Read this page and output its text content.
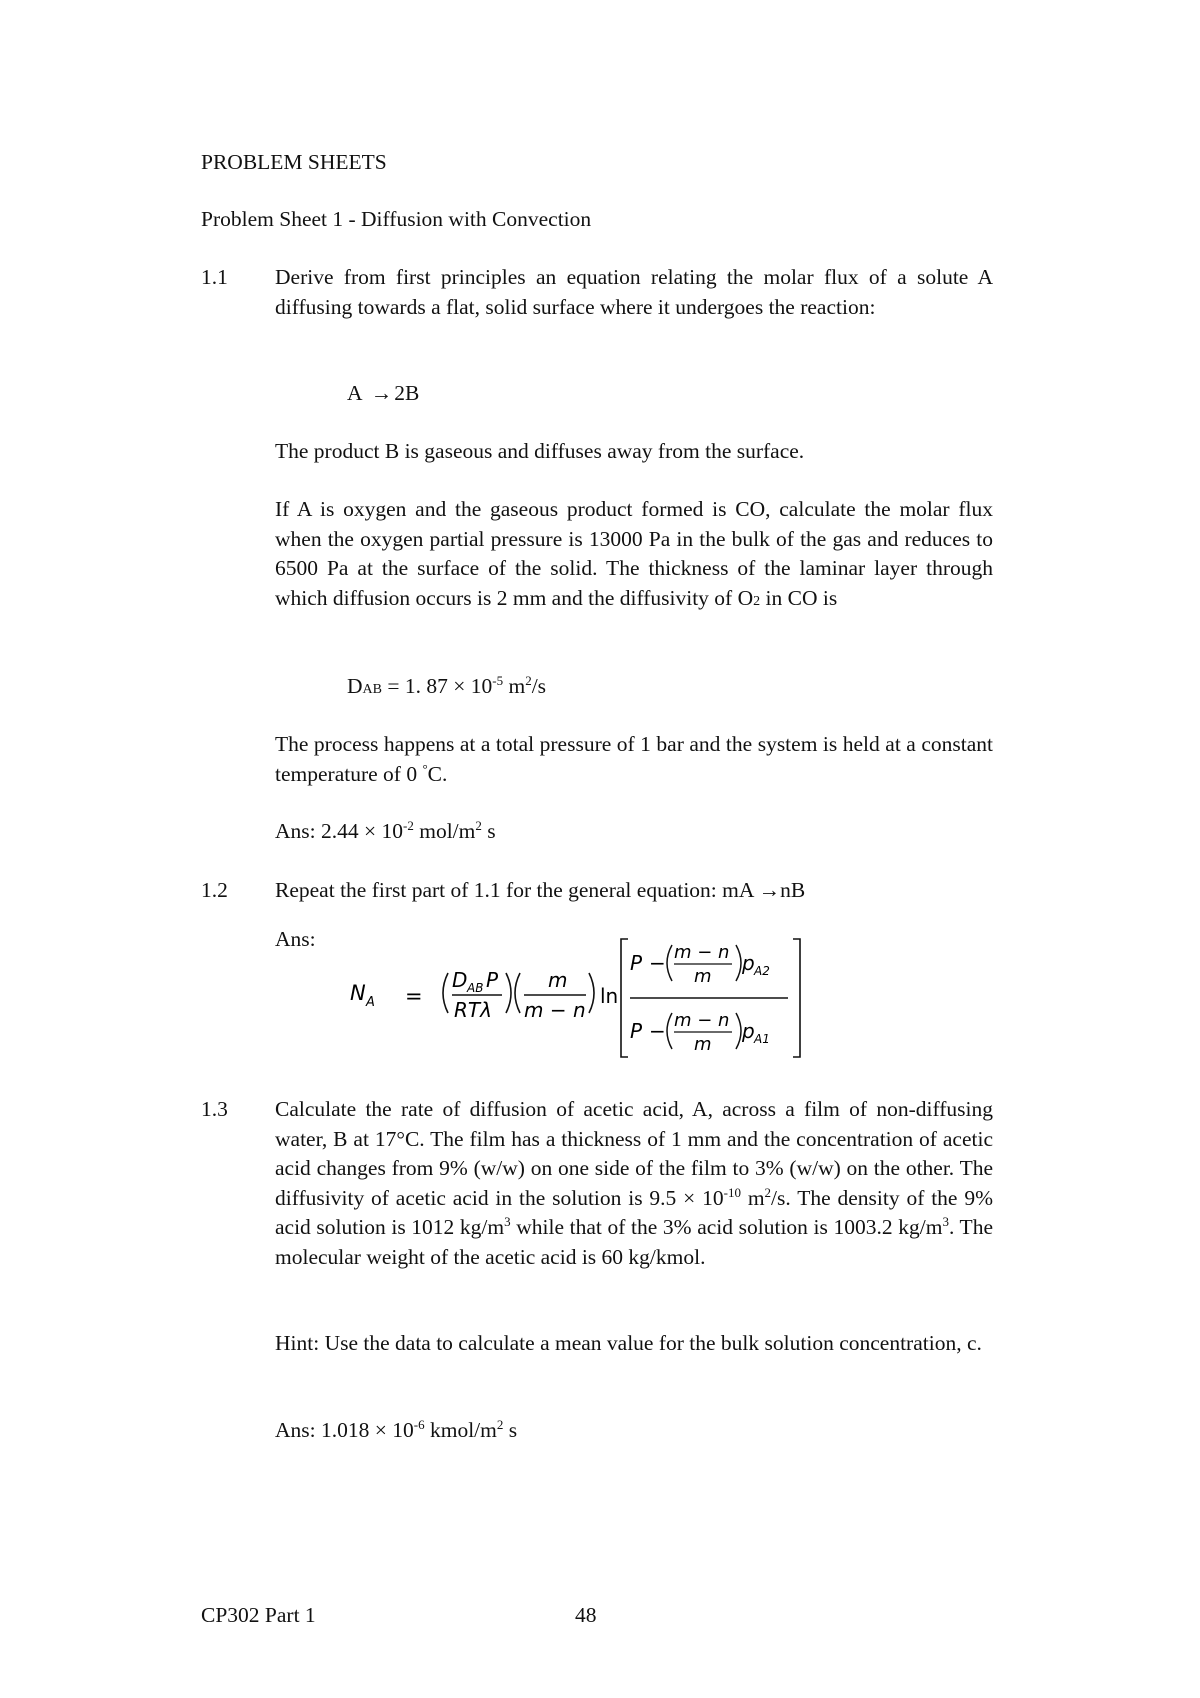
PROBLEM SHEETS
Problem Sheet 1 - Diffusion with Convection
1.1 Derive from first principles an equation relating the molar flux of a solute A diffusing towards a flat, solid surface where it undergoes the reaction:
A →2B
The product B is gaseous and diffuses away from the surface.
If A is oxygen and the gaseous product formed is CO, calculate the molar flux when the oxygen partial pressure is 13000 Pa in the bulk of the gas and reduces to 6500 Pa at the surface of the solid. The thickness of the laminar layer through which diffusion occurs is 2 mm and the diffusivity of O2 in CO is
DAB = 1. $87 \times 10^{-5}$ $m^2/s$
The process happens at a total pressure of 1 bar and the system is held at a constant temperature of 0 °C.
Ans: $2.44 \times 10^{-2}$ mol/$m^2$ s
1.2 Repeat the first part of 1.1 for the general equation: mA →nB
Ans:
N A =
D AB P
RTλ
m
m − n
ln
P − m − n
m
p A2
P − m − n
m
p A1
1.3 Calculate the rate of diffusion of acetic acid, A, across a film of non-diffusing water, B at 17°C. The film has a thickness of 1 mm and the concentration of acetic acid changes from 9% (w/w) on one side of the film to 3% (w/w) on the other. The diffusivity of acetic acid in the solution is $9.5 \times 10^{-10}$ $m^2/s$. The density of the 9% acid solution is 1012 $kg/m^3$ while that of the 3% acid solution is 1003.2 $kg/m^3$. The molecular weight of the acetic acid is 60 kg/kmol.
Hint: Use the data to calculate a mean value for the bulk solution concentration, c.
Ans: $1.018 \times 10^{-6}$ kmol/$m^2$ s
CP302 Part 1	48
